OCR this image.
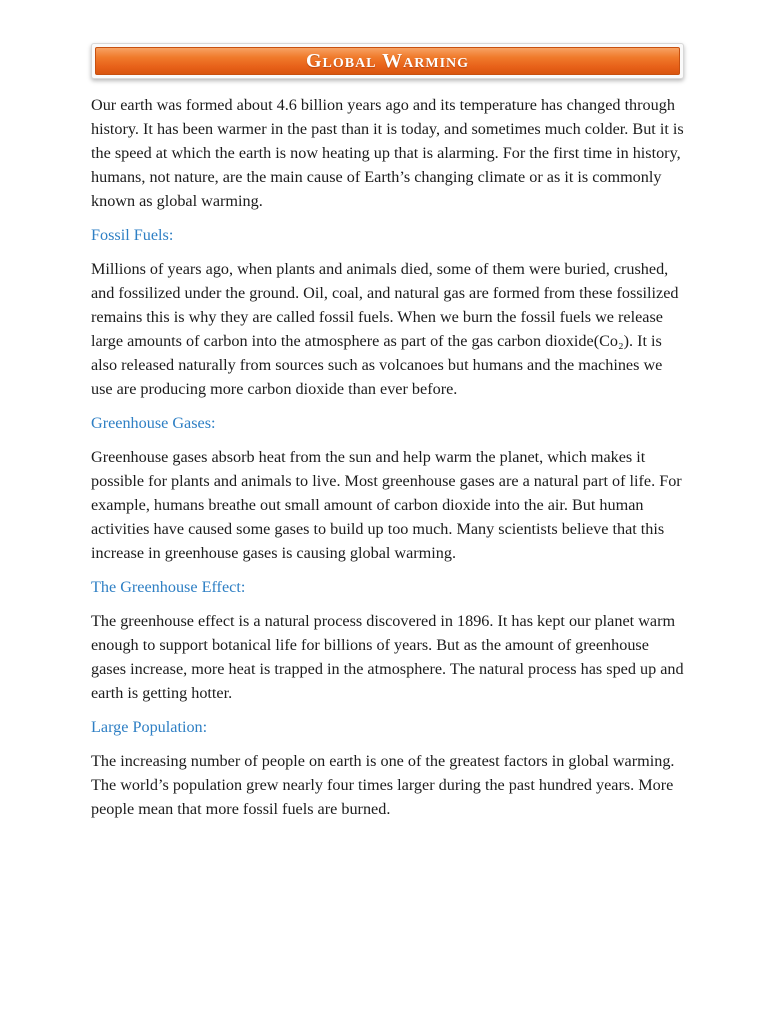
Global Warming

Our earth was formed about 4.6 billion years ago and its temperature has changed through history. It has been warmer in the past than it is today, and sometimes much colder. But it is the speed at which the earth is now heating up that is alarming. For the first time in history, humans, not nature, are the main cause of Earth’s changing climate or as it is commonly known as global warming.

Fossil Fuels:

Millions of years ago, when plants and animals died, some of them were buried, crushed, and fossilized under the ground. Oil, coal, and natural gas are formed from these fossilized remains this is why they are called fossil fuels. When we burn the fossil fuels we release large amounts of carbon into the atmosphere as part of the gas carbon dioxide(Co₂). It is also released naturally from sources such as volcanoes but humans and the machines we use are producing more carbon dioxide than ever before.

Greenhouse Gases:

Greenhouse gases absorb heat from the sun and help warm the planet, which makes it possible for plants and animals to live. Most greenhouse gases are a natural part of life. For example, humans breathe out small amount of carbon dioxide into the air. But human activities have caused some gases to build up too much. Many scientists believe that this increase in greenhouse gases is causing global warming.

The Greenhouse Effect:

The greenhouse effect is a natural process discovered in 1896. It has kept our planet warm enough to support botanical life for billions of years. But as the amount of greenhouse gases increase, more heat is trapped in the atmosphere. The natural process has sped up and earth is getting hotter.

Large Population:

The increasing number of people on earth is one of the greatest factors in global warming. The world’s population grew nearly four times larger during the past hundred years. More people mean that more fossil fuels are burned.
